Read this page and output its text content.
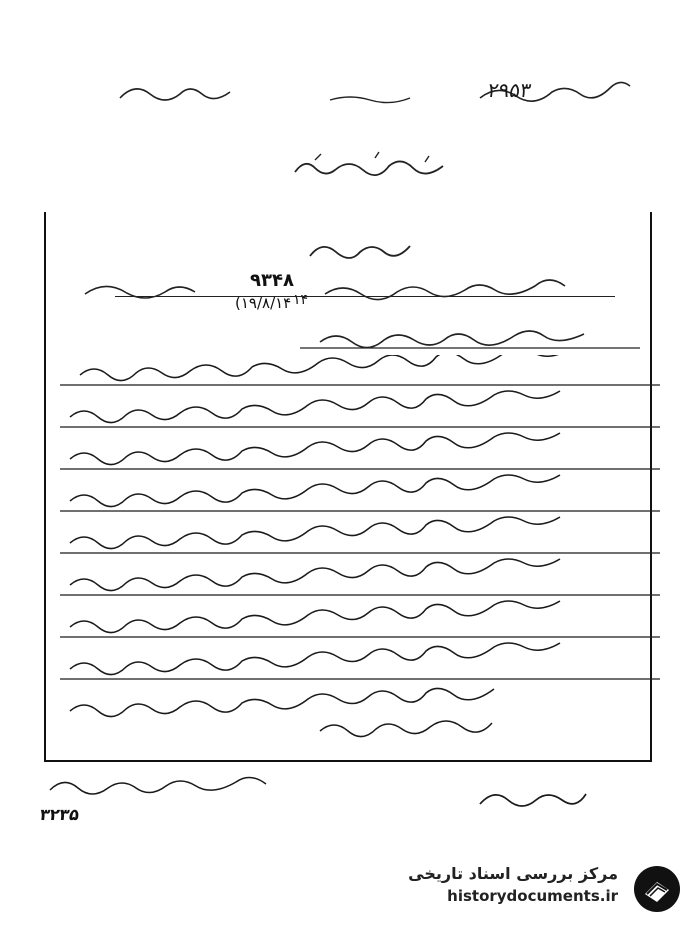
۲۹۵۳
۹۳۴۸
۱۴
(۱۹/۸/۱۴
۳۲۳۵
مرکز بررسی اسناد تاریخی
historydocuments.ir
